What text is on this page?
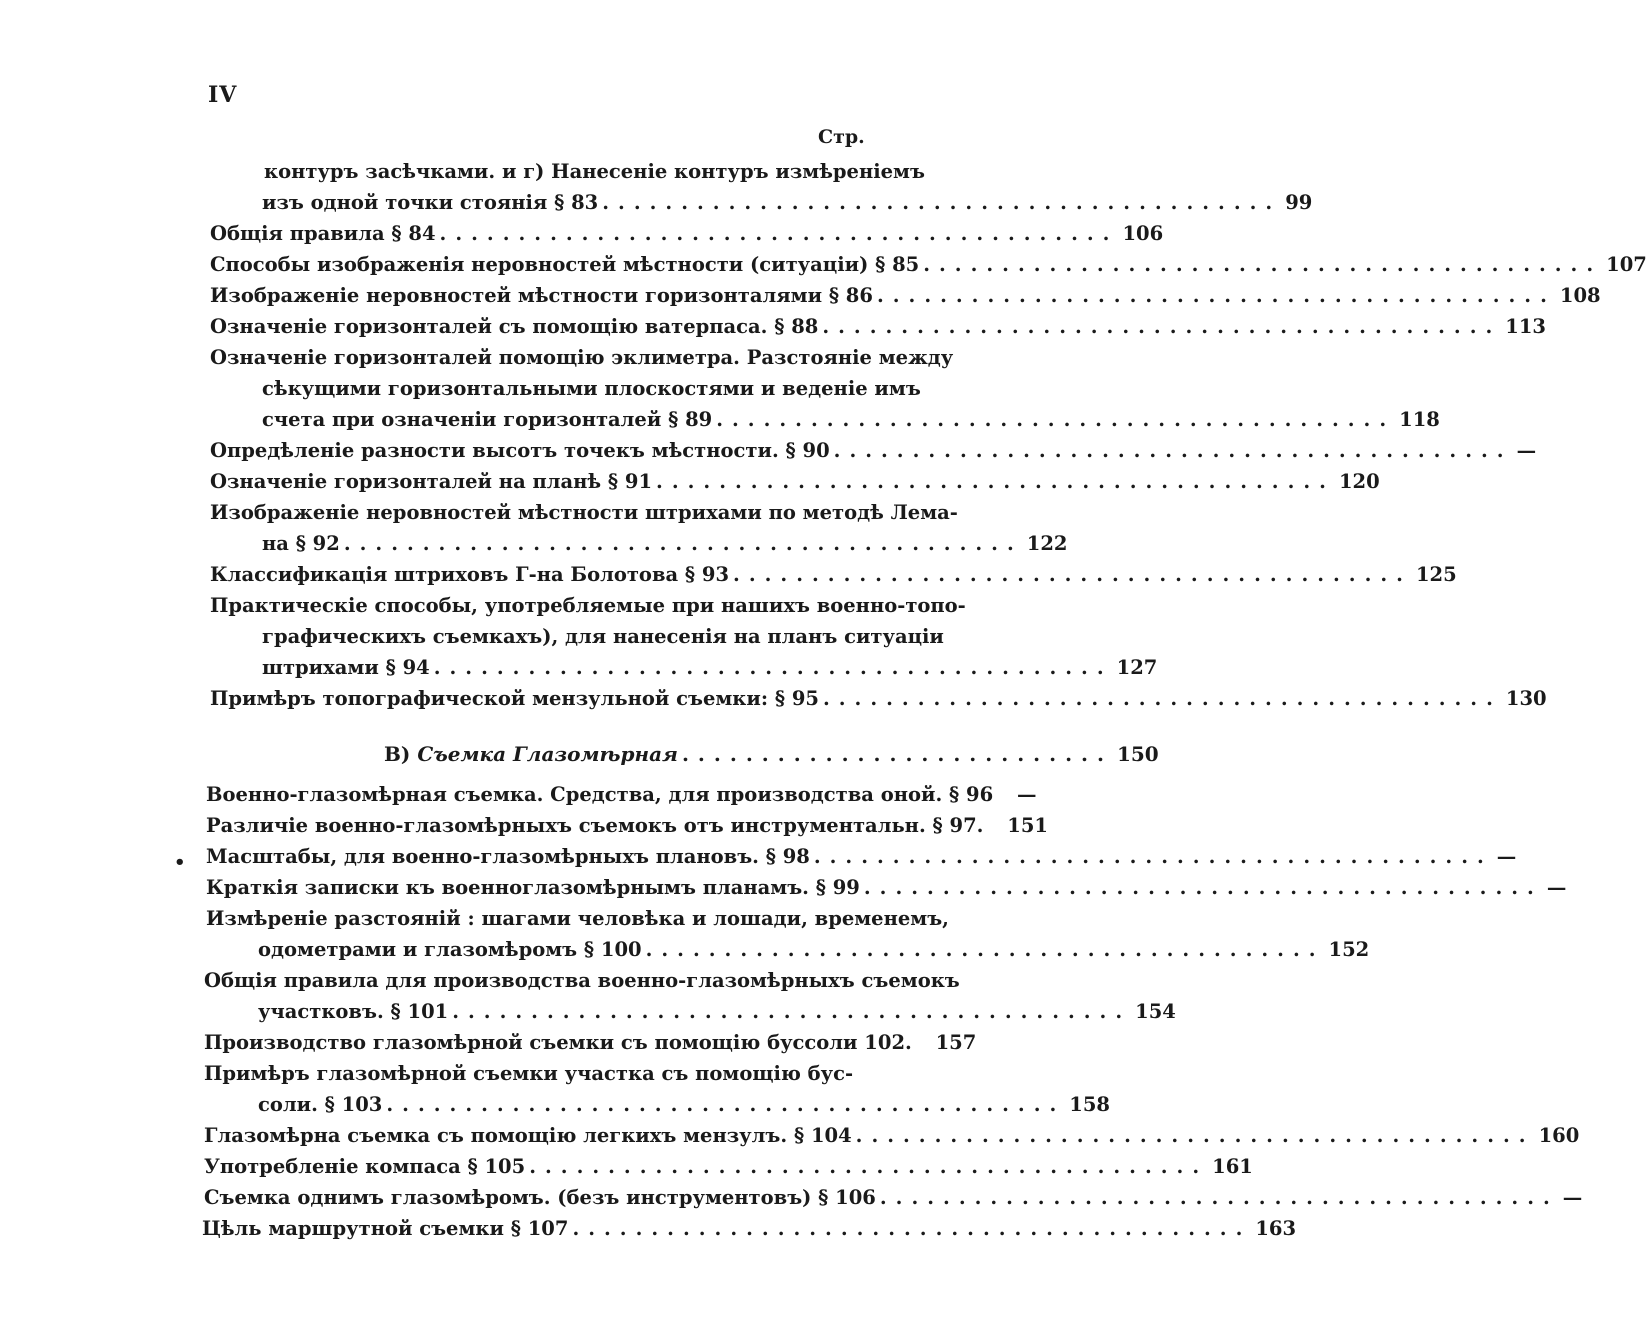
IV
Стр.
•
контуръ засѣчками. и г) Нанесеніе контуръ измѣреніемъ
изъ одной точки стоянія § 83 ........................................... 99
Общія правила § 84 ........................................... 106
Способы изображенія неровностей мѣстности (ситуаціи) § 85 ........................................... 107
Изображеніе неровностей мѣстности горизонталями § 86 ........................................... 108
Означеніе горизонталей съ помощію ватерпаса. § 88 ........................................... 113
Означеніе горизонталей помощію эклиметра. Разстояніе между
сѣкущими горизонтальными плоскостями и веденіе имъ
счета при означеніи горизонталей § 89 ........................................... 118
Опредѣленіе разности высотъ точекъ мѣстности. § 90 ........................................... —
Означеніе горизонталей на планѣ § 91 ........................................... 120
Изображеніе неровностей мѣстности штрихами по методѣ Лема-
на § 92 ........................................... 122
Классификація штриховъ Г-на Болотова § 93 ........................................... 125
Практическіе способы, употребляемые при нашихъ военно-топо-
графическихъ съемкахъ), для нанесенія на планъ ситуаціи
штрихами § 94 ........................................... 127
Примѣръ топографической мензульной съемки: § 95 ........................................... 130
В)
Съемка Глазомѣрная ........................... 150
Военно-глазомѣрная съемка. Средства, для производства оной. § 96
—
Различіе военно-глазомѣрныхъ съемокъ отъ инструментальн. § 97.
151
Масштабы, для военно-глазомѣрныхъ плановъ. § 98 ........................................... —
Краткія записки къ военноглазомѣрнымъ планамъ. § 99 ........................................... —
Измѣреніе разстояній : шагами человѣка и лошади, временемъ,
одометрами и глазомѣромъ § 100 ........................................... 152
Общія правила для производства военно-глазомѣрныхъ съемокъ
участковъ. § 101 ........................................... 154
Производство глазомѣрной съемки съ помощію буссоли 102.
157
Примѣръ глазомѣрной съемки участка съ помощію бус-
соли. § 103 ........................................... 158
Глазомѣрна съемка съ помощію легкихъ мензулъ. § 104 ........................................... 160
Употребленіе компаса § 105 ........................................... 161
Съемка однимъ глазомѣромъ. (безъ инструментовъ) § 106 ........................................... —
Цѣль маршрутной съемки § 107 ........................................... 163
